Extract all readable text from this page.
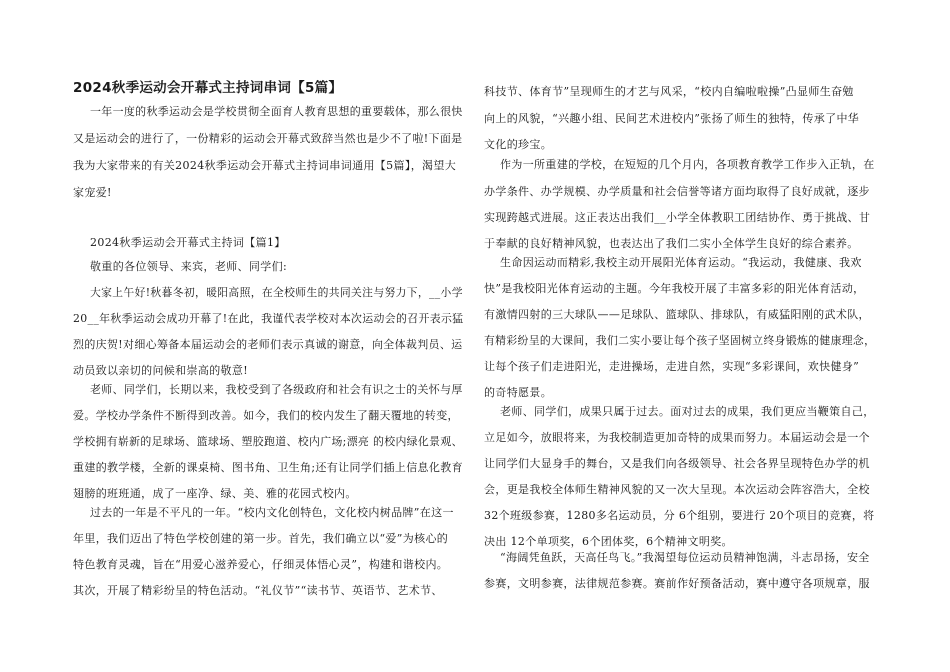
2024秋季运动会开幕式主持词串词【5篇】
一年一度的秋季运动会是学校贯彻全面育人教育思想的重要载体，那么很快
又是运动会的进行了，一份精彩的运动会开幕式致辞当然也是少不了啦!下面是
我为大家带来的有关2024秋季运动会开幕式主持词串词通用【5篇】，渴望大
家宠爱!
2024秋季运动会开幕式主持词【篇1】
敬重的各位领导、来宾，老师、同学们:
大家上午好!秋暮冬初，暖阳高照，在全校师生的共同关注与努力下，__小学
20__年秋季运动会成功开幕了!在此，我谨代表学校对本次运动会的召开表示猛
烈的庆贺!对细心筹备本届运动会的老师们表示真诚的谢意，向全体裁判员、运
动员致以亲切的问候和崇高的敬意!
老师、同学们，长期以来，我校受到了各级政府和社会有识之士的关怀与厚
爱。学校办学条件不断得到改善。如今，我们的校内发生了翻天覆地的转变，
学校拥有崭新的足球场、篮球场、塑胶跑道、校内广场;漂亮 的校内绿化景观、
重建的教学楼，全新的课桌椅、图书角、卫生角;还有让同学们插上信息化教育
翅膀的班班通，成了一座净、绿、美、雅的花园式校内。
过去的一年是不平凡的一年。“校内文化创特色，文化校内树品牌”在这一
年里，我们迈出了特色学校创建的第一步。首先，我们确立以“爱”为核心的
特色教育灵魂，旨在“用爱心滋养爱心，仔细灵体悟心灵”，构建和谐校内。
其次，开展了精彩纷呈的特色活动。“礼仪节”“读书节、英语节、艺术节、
科技节、体育节”呈现师生的才艺与风采，“校内自编啦啦操”凸显师生奋勉
向上的风貌，“兴趣小组、民间艺术进校内”张扬了师生的独特，传承了中华
文化的珍宝。
作为一所重建的学校，在短短的几个月内，各项教育教学工作步入正轨，在
办学条件、办学规模、办学质量和社会信誉等诸方面均取得了良好成就，逐步
实现跨越式进展。这正表达出我们__小学全体教职工团结协作、勇于挑战、甘
于奉献的良好精神风貌，也表达出了我们二实小全体学生良好的综合素养。
生命因运动而精彩,我校主动开展阳光体育运动。“我运动，我健康、我欢
快”是我校阳光体育运动的主题。今年我校开展了丰富多彩的阳光体育活动，
有激情四射的三大球队——足球队、篮球队、排球队，有威猛阳刚的武术队，
有精彩纷呈的大课间，我们二实小要让每个孩子坚固树立终身锻炼的健康理念，
让每个孩子们走进阳光，走进操场，走进自然，实现“多彩课间，欢快健身”
的奇特愿景。
老师、同学们，成果只属于过去。面对过去的成果，我们更应当鞭策自己，
立足如今，放眼将来，为我校制造更加奇特的成果而努力。本届运动会是一个
让同学们大显身手的舞台，又是我们向各级领导、社会各界呈现特色办学的机
会，更是我校全体师生精神风貌的又一次大呈现。本次运动会阵容浩大，全校
32个班级参赛，1280多名运动员，分 6个组别，要进行 20个项目的竞赛，将
决出 12个单项奖，6个团体奖，6个精神文明奖。
“海阔凭鱼跃，天高任鸟飞。”我渴望每位运动员精神饱满，斗志昂扬，安全
参赛，文明参赛，法律规范参赛。赛前作好预备活动，赛中遵守各项规章，服
